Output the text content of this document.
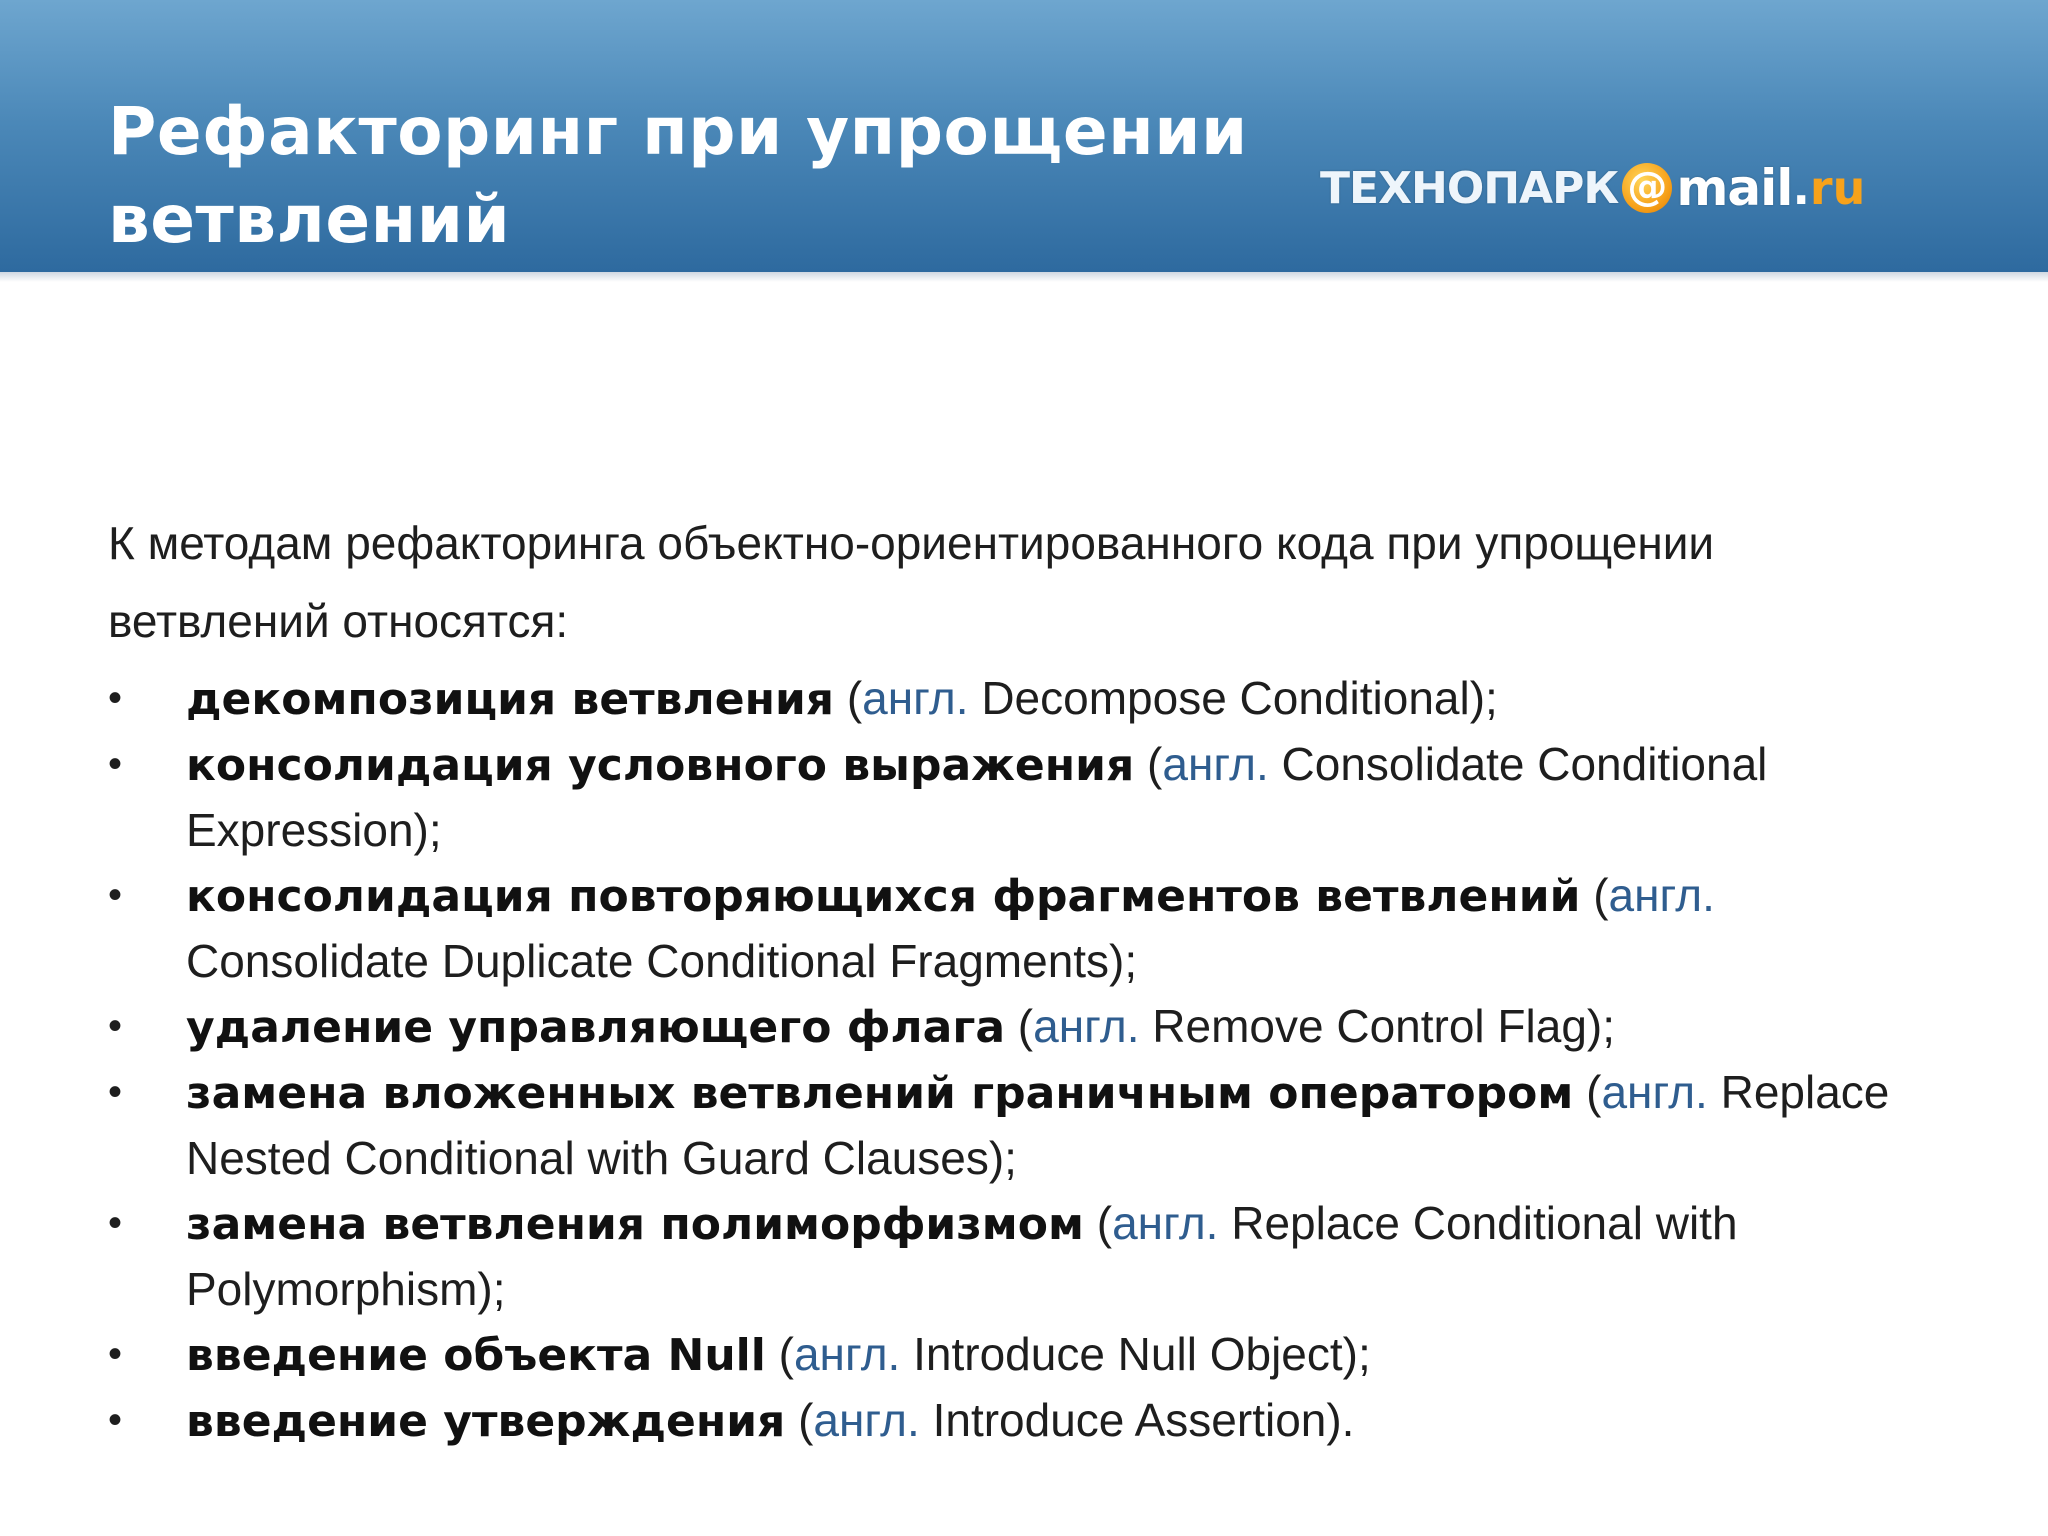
Рефакторинг при упрощении
ветвлений	ТЕХНОПАРК @ mail . ru

К методам рефакторинга объектно-ориентированного кода при упрощении ветвлений относятся:

•	декомпозиция ветвления (англ. Decompose Conditional);
•	консолидация условного выражения (англ. Consolidate Conditional Expression);
•	консолидация повторяющихся фрагментов ветвлений (англ. Consolidate Duplicate Conditional Fragments);
•	удаление управляющего флага (англ. Remove Control Flag);
•	замена вложенных ветвлений граничным оператором (англ. Replace Nested Conditional with Guard Clauses);
•	замена ветвления полиморфизмом (англ. Replace Conditional with Polymorphism);
•	введение объекта Null (англ. Introduce Null Object);
•	введение утверждения (англ. Introduce Assertion).
